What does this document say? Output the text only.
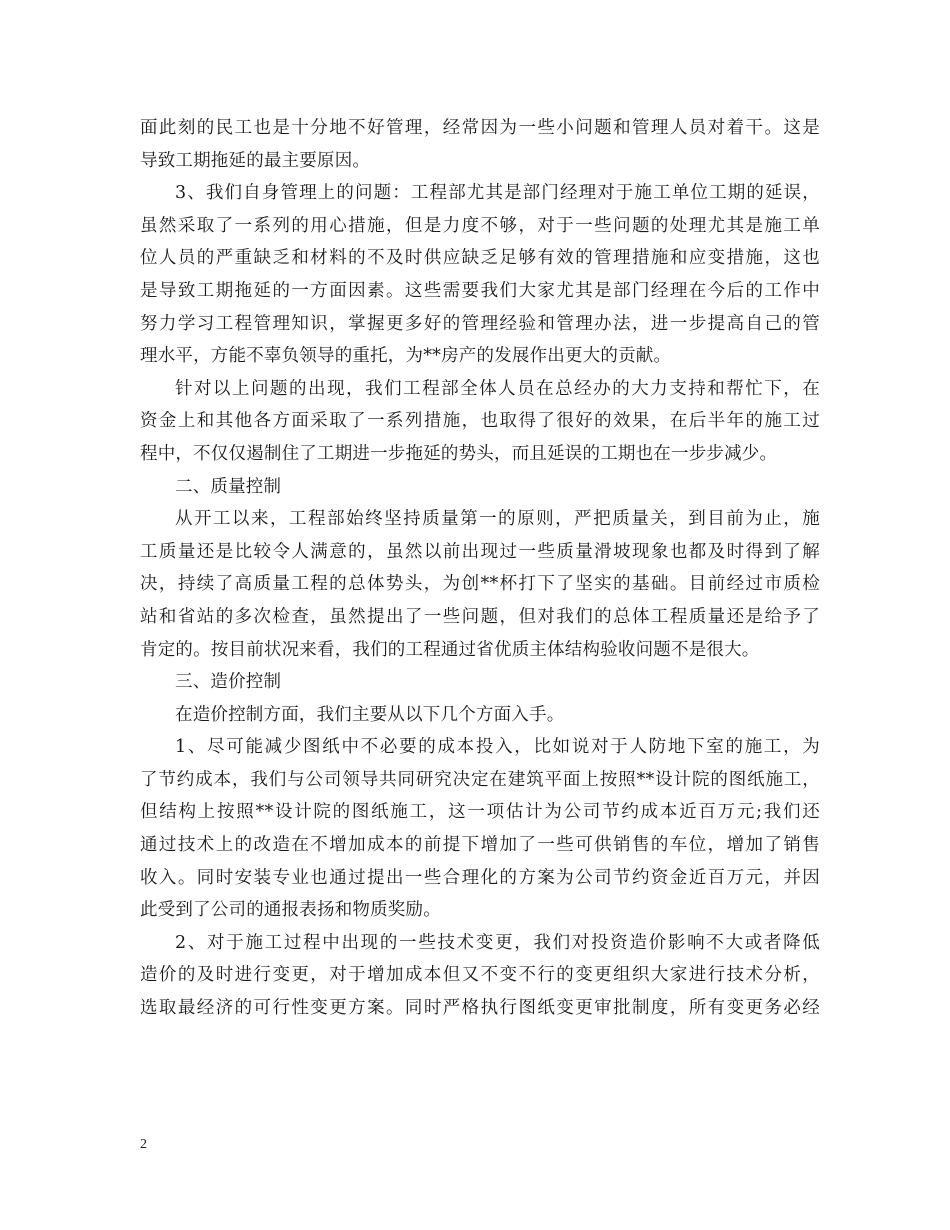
面此刻的民工也是十分地不好管理，经常因为一些小问题和管理人员对着干。这是
导致工期拖延的最主要原因。
3、我们自身管理上的问题：工程部尤其是部门经理对于施工单位工期的延误，
虽然采取了一系列的用心措施，但是力度不够，对于一些问题的处理尤其是施工单
位人员的严重缺乏和材料的不及时供应缺乏足够有效的管理措施和应变措施，这也
是导致工期拖延的一方面因素。这些需要我们大家尤其是部门经理在今后的工作中
努力学习工程管理知识，掌握更多好的管理经验和管理办法，进一步提高自己的管
理水平，方能不辜负领导的重托，为**房产的发展作出更大的贡献。
针对以上问题的出现，我们工程部全体人员在总经办的大力支持和帮忙下，在
资金上和其他各方面采取了一系列措施，也取得了很好的效果，在后半年的施工过
程中，不仅仅遏制住了工期进一步拖延的势头，而且延误的工期也在一步步减少。
二、质量控制
从开工以来，工程部始终坚持质量第一的原则，严把质量关，到目前为止，施
工质量还是比较令人满意的，虽然以前出现过一些质量滑坡现象也都及时得到了解
决，持续了高质量工程的总体势头，为创**杯打下了坚实的基础。目前经过市质检
站和省站的多次检查，虽然提出了一些问题，但对我们的总体工程质量还是给予了
肯定的。按目前状况来看，我们的工程通过省优质主体结构验收问题不是很大。
三、造价控制
在造价控制方面，我们主要从以下几个方面入手。
1、尽可能减少图纸中不必要的成本投入，比如说对于人防地下室的施工，为
了节约成本，我们与公司领导共同研究决定在建筑平面上按照**设计院的图纸施工，
但结构上按照**设计院的图纸施工，这一项估计为公司节约成本近百万元;我们还
通过技术上的改造在不增加成本的前提下增加了一些可供销售的车位，增加了销售
收入。同时安装专业也通过提出一些合理化的方案为公司节约资金近百万元，并因
此受到了公司的通报表扬和物质奖励。
2、对于施工过程中出现的一些技术变更，我们对投资造价影响不大或者降低
造价的及时进行变更，对于增加成本但又不变不行的变更组织大家进行技术分析，
选取最经济的可行性变更方案。同时严格执行图纸变更审批制度，所有变更务必经
2
